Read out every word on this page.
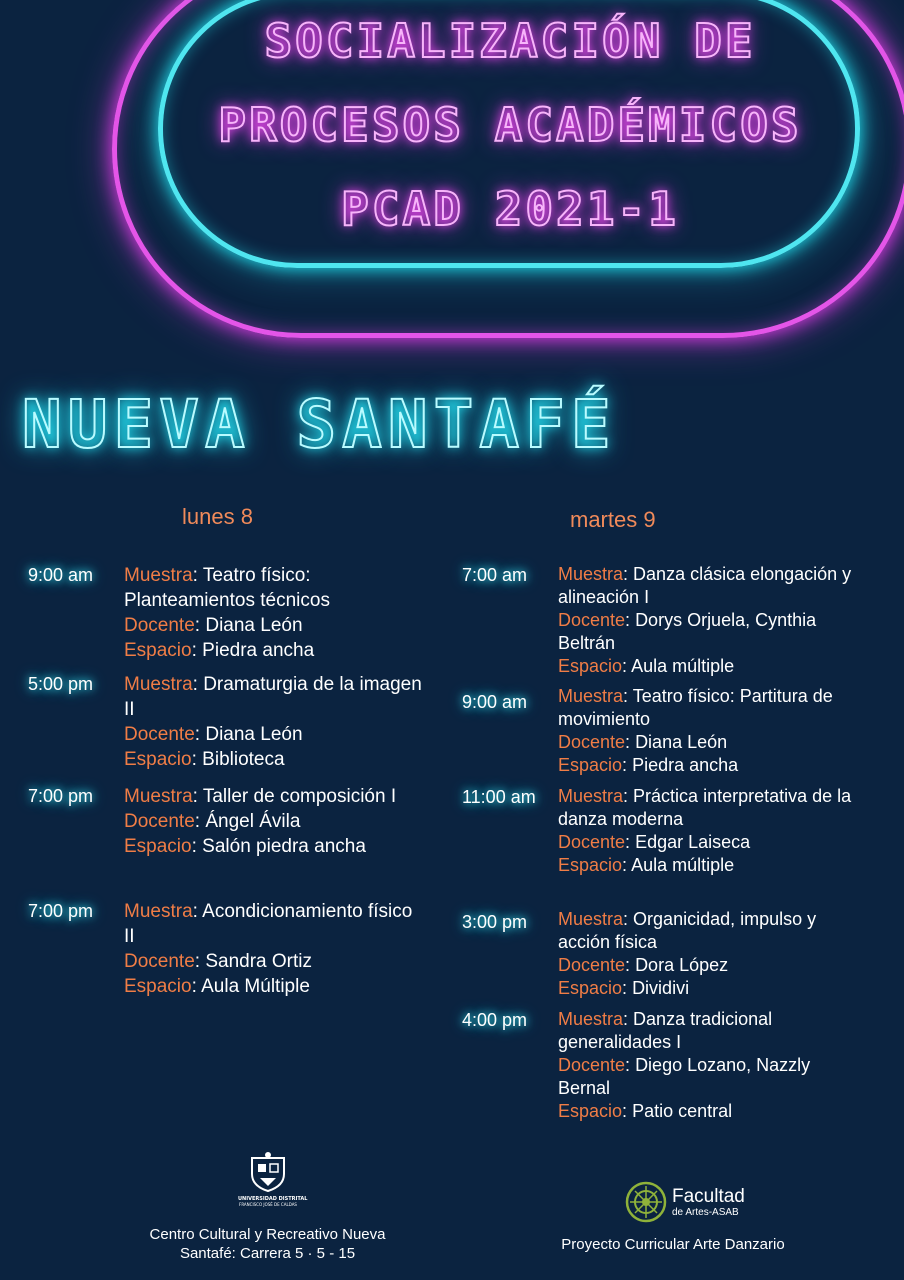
SOCIALIZACIÓN DE
PROCESOS ACADÉMICOS
PCAD 2021-1
NUEVA SANTAFÉ
lunes 8	martes 9
9:00 am Muestra: Teatro físico: Planteamientos técnicos
Docente: Diana León
Espacio: Piedra ancha
5:00 pm Muestra: Dramaturgia de la imagen II
Docente: Diana León
Espacio: Biblioteca
7:00 pm Muestra: Taller de composición I
Docente: Ángel Ávila
Espacio: Salón piedra ancha
7:00 pm Muestra: Acondicionamiento físico II
Docente: Sandra Ortiz
Espacio: Aula Múltiple
7:00 am Muestra: Danza clásica elongación y alineación I
Docente: Dorys Orjuela, Cynthia Beltrán
Espacio: Aula múltiple
9:00 am Muestra: Teatro físico: Partitura de movimiento
Docente: Diana León
Espacio: Piedra ancha
11:00 am Muestra: Práctica interpretativa de la danza moderna
Docente: Edgar Laiseca
Espacio: Aula múltiple
3:00 pm Muestra: Organicidad, impulso y acción física
Docente: Dora López
Espacio: Dividivi
4:00 pm Muestra: Danza tradicional generalidades I
Docente: Diego Lozano, Nazzly Bernal
Espacio: Patio central
UNIVERSIDAD DISTRITAL
FRANCISCO JOSÉ DE CALDAS
Centro Cultural y Recreativo Nueva
Santafé: Carrera 5 · 5 - 15
Facultad
de Artes-ASAB
Proyecto Curricular Arte Danzario
